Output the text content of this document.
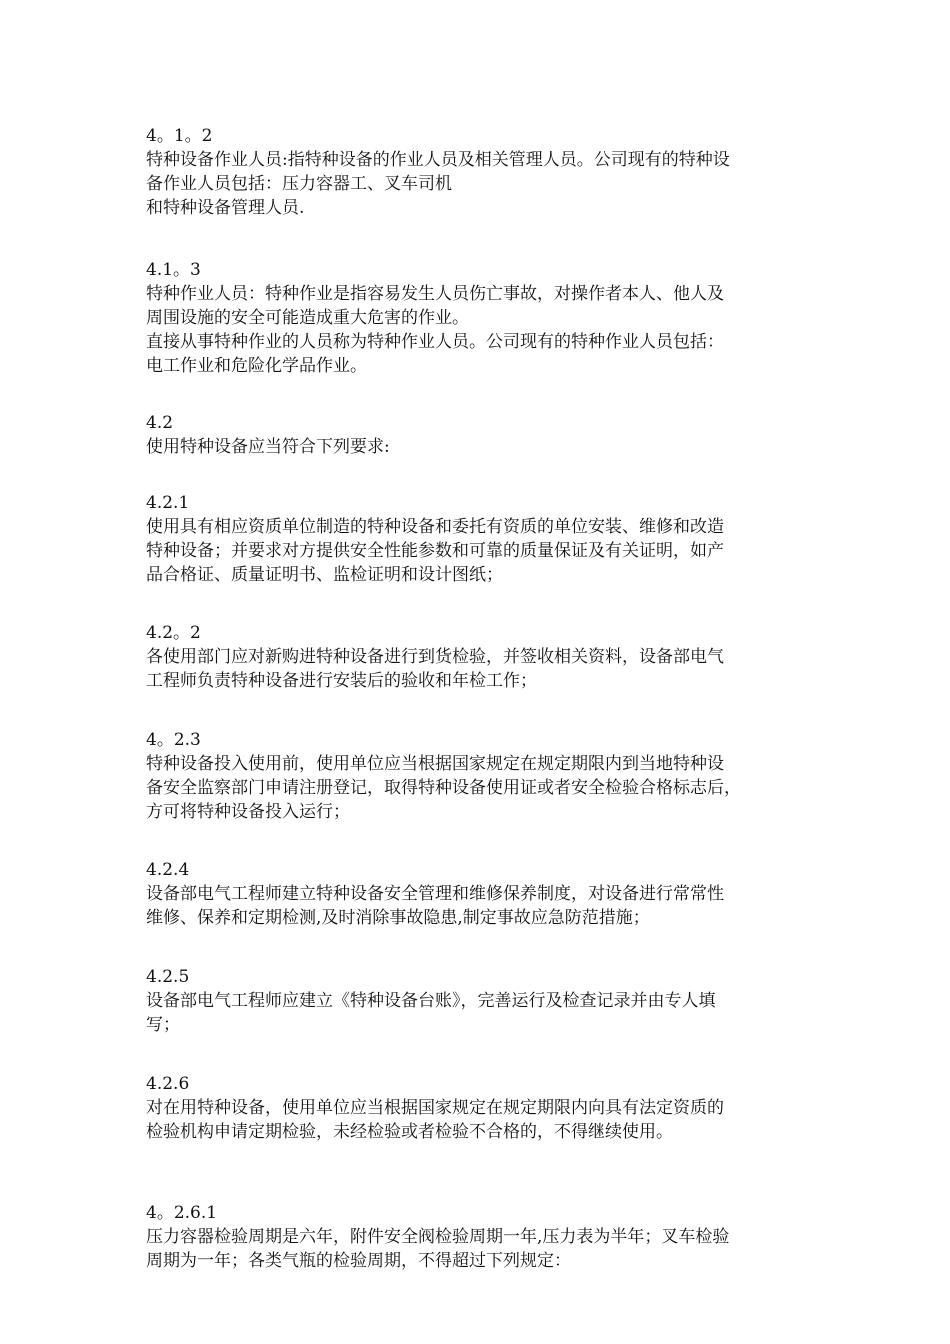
4。1。2
特种设备作业人员:指特种设备的作业人员及相关管理人员。公司现有的特种设
备作业人员包括：压力容器工、叉车司机
和特种设备管理人员.
4.1。3
特种作业人员：特种作业是指容易发生人员伤亡事故，对操作者本人、他人及
周围设施的安全可能造成重大危害的作业。
直接从事特种作业的人员称为特种作业人员。公司现有的特种作业人员包括：
电工作业和危险化学品作业。
4.2
使用特种设备应当符合下列要求:
4.2.1
使用具有相应资质单位制造的特种设备和委托有资质的单位安装、维修和改造
特种设备；并要求对方提供安全性能参数和可靠的质量保证及有关证明，如产
品合格证、质量证明书、监检证明和设计图纸；
4.2。2
各使用部门应对新购进特种设备进行到货检验，并签收相关资料，设备部电气
工程师负责特种设备进行安装后的验收和年检工作；
4。2.3
特种设备投入使用前，使用单位应当根据国家规定在规定期限内到当地特种设
备安全监察部门申请注册登记，取得特种设备使用证或者安全检验合格标志后，
方可将特种设备投入运行；
4.2.4
设备部电气工程师建立特种设备安全管理和维修保养制度，对设备进行常常性
维修、保养和定期检测,及时消除事故隐患,制定事故应急防范措施；
4.2.5
设备部电气工程师应建立《特种设备台账》，完善运行及检查记录并由专人填
写；
4.2.6
对在用特种设备，使用单位应当根据国家规定在规定期限内向具有法定资质的
检验机构申请定期检验，未经检验或者检验不合格的，不得继续使用。
4。2.6.1
压力容器检验周期是六年，附件安全阀检验周期一年,压力表为半年；叉车检验
周期为一年；各类气瓶的检验周期，不得超过下列规定：
